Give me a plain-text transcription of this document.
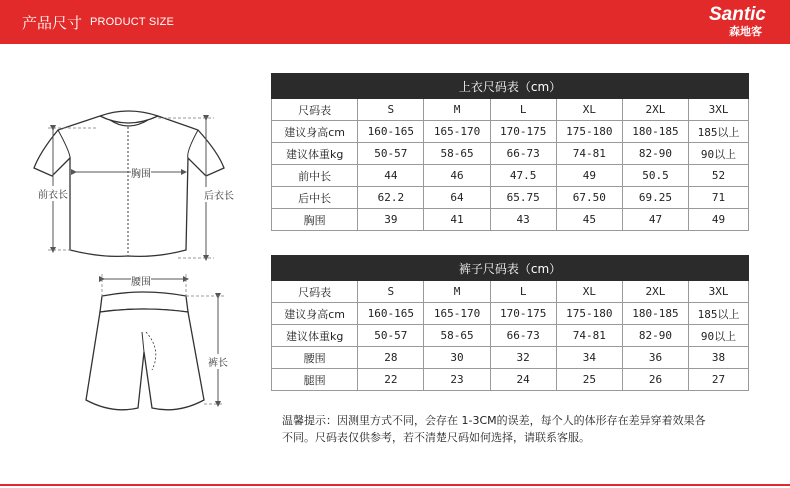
产品尺寸 PRODUCT SIZE	Santic
森地客
前衣长
胸围
后衣长
腰围
裤长
上衣尺码表（cm）						
尺码表	S	M	L	XL	2XL	3XL
建议身高cm	160-165	165-170	170-175	175-180	180-185	185以上
建议体重kg	50-57	58-65	66-73	74-81	82-90	90以上
前中长	44	46	47.5	49	50.5	52
后中长	62.2	64	65.75	67.50	69.25	71
胸围	39	41	43	45	47	49
裤子尺码表（cm）						
尺码表	S	M	L	XL	2XL	3XL
建议身高cm	160-165	165-170	170-175	175-180	180-185	185以上
建议体重kg	50-57	58-65	66-73	74-81	82-90	90以上
腰围	28	30	32	34	36	38
腿围	22	23	24	25	26	27
温馨提示：因测里方式不同，会存在 1-3CM的误差，每个人的体形存在差异穿着效果各
不同。尺码表仅供参考，若不清楚尺码如何选择，请联系客服。
